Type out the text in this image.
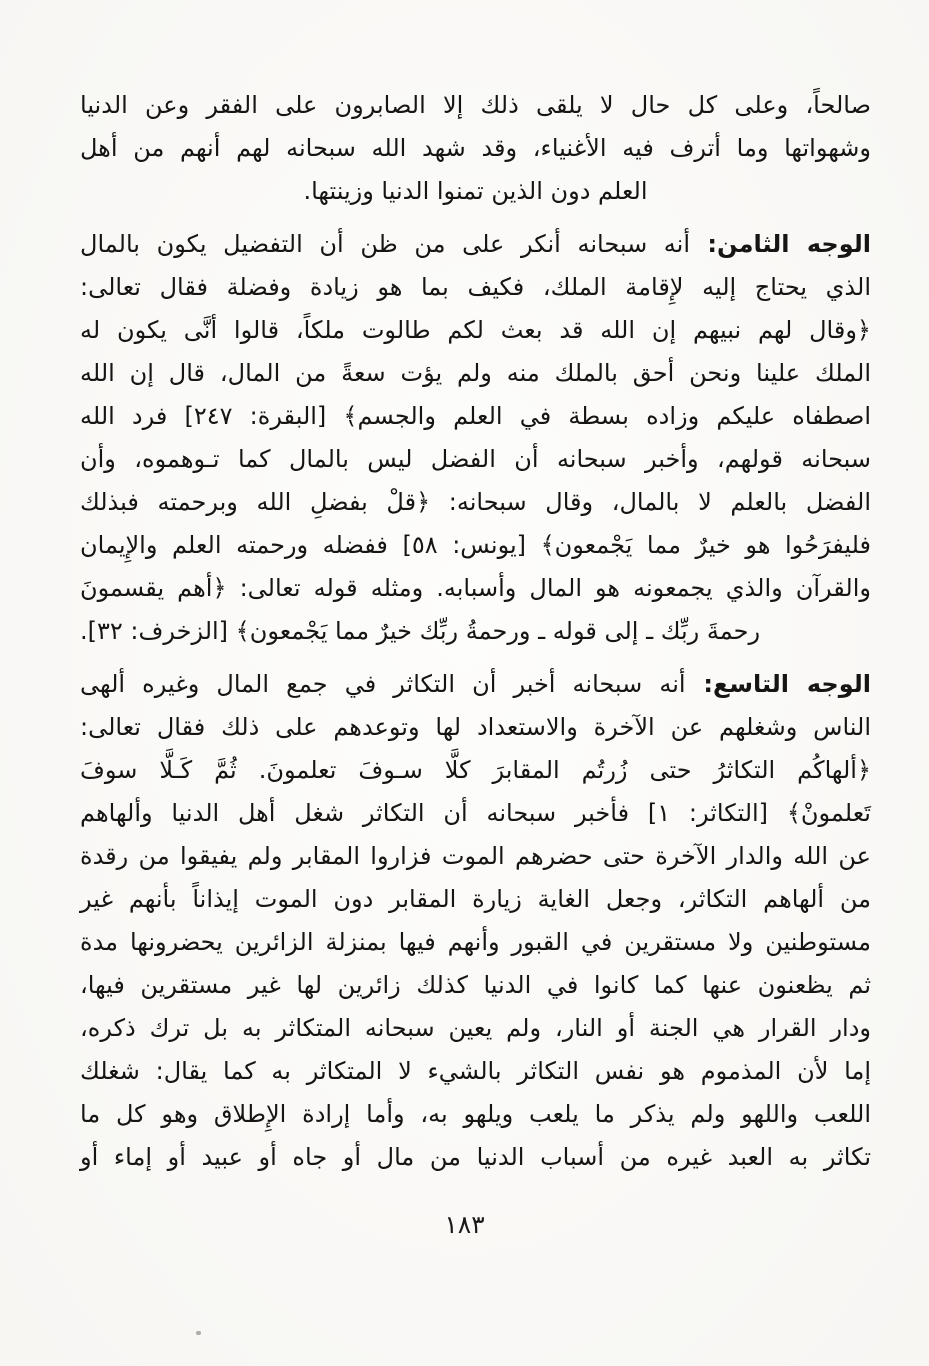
صالحاً، وعلى كل حال لا يلقى ذلك إلا الصابرون على الفقر وعن الدنيا
وشهواتها وما أترف فيه الأغنياء، وقد شهد الله سبحانه لهم أنهم من أهل
العلم دون الذين تمنوا الدنيا وزينتها.
الوجه الثامن: أنه سبحانه أنكر على من ظن أن التفضيل يكون بالمال
الذي يحتاج إليه لإِقامة الملك، فكيف بما هو زيادة وفضلة فقال تعالى:
﴿وقال لهم نبيهم إن الله قد بعث لكم طالوت ملكاً، قالوا أنَّى يكون له
الملك علينا ونحن أحق بالملك منه ولم يؤت سعةً من المال، قال إن الله
اصطفاه عليكم وزاده بسطة في العلم والجسم﴾ [البقرة: ٢٤٧] فرد الله
سبحانه قولهم، وأخبر سبحانه أن الفضل ليس بالمال كما تـوهموه، وأن
الفضل بالعلم لا بالمال، وقال سبحانه: ﴿قلْ بفضلِ الله وبرحمته فبذلك
فليفرَحُوا هو خيرٌ مما يَجْمعون﴾ [يونس: ٥٨] ففضله ورحمته العلم والإِيمان
والقرآن والذي يجمعونه هو المال وأسبابه. ومثله قوله تعالى: ﴿أهم يقسمونَ
رحمةَ ربِّك ـ إلى قوله ـ ورحمةُ ربِّك خيرٌ مما يَجْمعون﴾ [الزخرف: ٣٢].
الوجه التاسع: أنه سبحانه أخبر أن التكاثر في جمع المال وغيره ألهى
الناس وشغلهم عن الآخرة والاستعداد لها وتوعدهم على ذلك فقال تعالى:
﴿ألهاكُم التكاثرُ حتى زُرتُم المقابرَ كلَّا سـوفَ تعلمونَ. ثُمَّ كَـلَّا سوفَ
تَعلمونْ﴾ [التكاثر: ١] فأخبر سبحانه أن التكاثر شغل أهل الدنيا وألهاهم
عن الله والدار الآخرة حتى حضرهم الموت فزاروا المقابر ولم يفيقوا من رقدة
من ألهاهم التكاثر، وجعل الغاية زيارة المقابر دون الموت إيذاناً بأنهم غير
مستوطنين ولا مستقرين في القبور وأنهم فيها بمنزلة الزائرين يحضرونها مدة
ثم يظعنون عنها كما كانوا في الدنيا كذلك زائرين لها غير مستقرين فيها،
ودار القرار هي الجنة أو النار، ولم يعين سبحانه المتكاثر به بل ترك ذكره،
إما لأن المذموم هو نفس التكاثر بالشيء لا المتكاثر به كما يقال: شغلك
اللعب واللهو ولم يذكر ما يلعب ويلهو به، وأما إرادة الإِطلاق وهو كل ما
تكاثر به العبد غيره من أسباب الدنيا من مال أو جاه أو عبيد أو إماء أو
١٨٣
